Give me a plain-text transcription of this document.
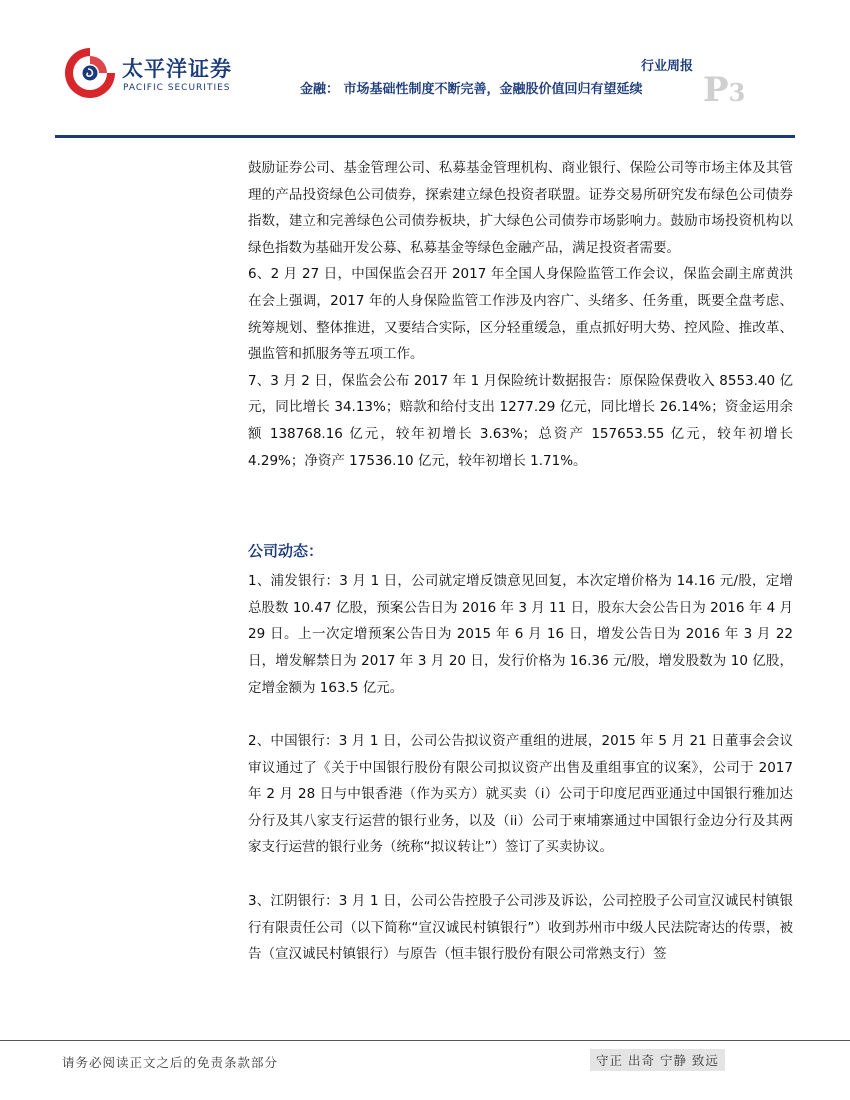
太平洋证券
PACIFIC SECURITIES
行业周报
金融： 市场基础性制度不断完善，金融股价值回归有望延续 P3

鼓励证券公司、基金管理公司、私募基金管理机构、商业银行、保险公司等市场主体及其管理的产品投资绿色公司债券，探索建立绿色投资者联盟。证券交易所研究发布绿色公司债券指数，建立和完善绿色公司债券板块，扩大绿色公司债券市场影响力。鼓励市场投资机构以绿色指数为基础开发公募、私募基金等绿色金融产品，满足投资者需要。

6、2 月 27 日，中国保监会召开 2017 年全国人身保险监管工作会议，保监会副主席黄洪在会上强调，2017 年的人身保险监管工作涉及内容广、头绪多、任务重，既要全盘考虑、统筹规划、整体推进，又要结合实际，区分轻重缓急，重点抓好明大势、控风险、推改革、强监管和抓服务等五项工作。

7、3 月 2 日，保监会公布 2017 年 1 月保险统计数据报告：原保险保费收入 8553.40 亿元，同比增长 34.13%；赔款和给付支出 1277.29 亿元，同比增长 26.14%；资金运用余额 138768.16 亿元，较年初增长 3.63%；总资产 157653.55 亿元，较年初增长 4.29%；净资产 17536.10 亿元，较年初增长 1.71%。

公司动态：

1、浦发银行：3 月 1 日，公司就定增反馈意见回复，本次定增价格为 14.16 元/股，定增总股数 10.47 亿股，预案公告日为 2016 年 3 月 11 日，股东大会公告日为 2016 年 4 月 29 日。上一次定增预案公告日为 2015 年 6 月 16 日，增发公告日为 2016 年 3 月 22 日，增发解禁日为 2017 年 3 月 20 日，发行价格为 16.36 元/股，增发股数为 10 亿股，定增金额为 163.5 亿元。

2、中国银行：3 月 1 日，公司公告拟议资产重组的进展，2015 年 5 月 21 日董事会会议审议通过了《关于中国银行股份有限公司拟议资产出售及重组事宜的议案》，公司于 2017 年 2 月 28 日与中银香港（作为买方）就买卖（i）公司于印度尼西亚通过中国银行雅加达分行及其八家支行运营的银行业务，以及（ii）公司于柬埔寨通过中国银行金边分行及其两家支行运营的银行业务（统称“拟议转让”）签订了买卖协议。

3、江阴银行：3 月 1 日，公司公告控股子公司涉及诉讼，公司控股子公司宣汉诚民村镇银行有限责任公司（以下简称“宣汉诚民村镇银行”）收到苏州市中级人民法院寄达的传票，被告（宣汉诚民村镇银行）与原告（恒丰银行股份有限公司常熟支行）签

请务必阅读正文之后的免责条款部分	守正 出奇 宁静 致远
